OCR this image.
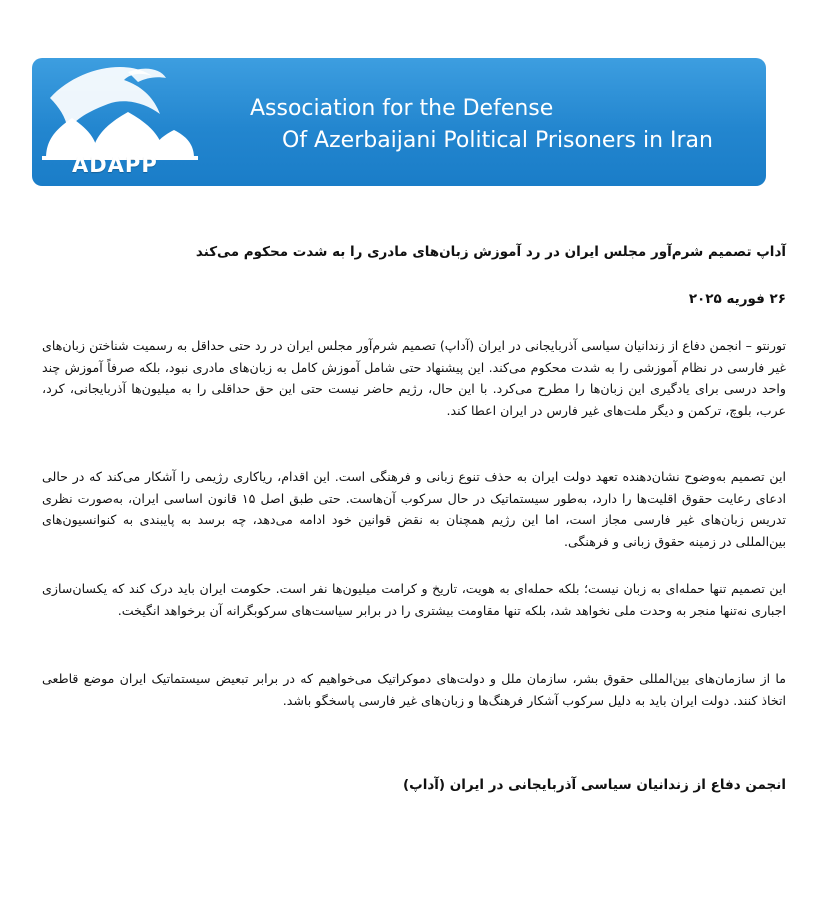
ADAPP
Association for the Defense
Of Azerbaijani Political Prisoners in Iran
آداپ تصمیم شرم‌آور مجلس ایران در رد آموزش زبان‌های مادری را به شدت محکوم می‌کند
۲۶ فوریه ۲۰۲۵
تورنتو – انجمن دفاع از زندانیان سیاسی آذربایجانی در ایران (آداپ) تصمیم شرم‌آور مجلس ایران در رد حتی حداقل به رسمیت شناختن زبان‌های غیر فارسی در نظام آموزشی را به شدت محکوم می‌کند. این پیشنهاد حتی شامل آموزش کامل به زبان‌های مادری نبود، بلکه صرفاً آموزش چند واحد درسی برای یادگیری این زبان‌ها را مطرح می‌کرد. با این حال، رژیم حاضر نیست حتی این حق حداقلی را به میلیون‌ها آذربایجانی، کرد، عرب، بلوچ، ترکمن و دیگر ملت‌های غیر فارس در ایران اعطا کند.
این تصمیم به‌وضوح نشان‌دهنده تعهد دولت ایران به حذف تنوع زبانی و فرهنگی است. این اقدام، ریاکاری رژیمی را آشکار می‌کند که در حالی ادعای رعایت حقوق اقلیت‌ها را دارد، به‌طور سیستماتیک در حال سرکوب آن‌هاست. حتی طبق اصل ۱۵ قانون اساسی ایران، به‌صورت نظری تدریس زبان‌های غیر فارسی مجاز است، اما این رژیم همچنان به نقض قوانین خود ادامه می‌دهد، چه برسد به پایبندی به کنوانسیون‌های بین‌المللی در زمینه حقوق زبانی و فرهنگی.
این تصمیم تنها حمله‌ای به زبان نیست؛ بلکه حمله‌ای به هویت، تاریخ و کرامت میلیون‌ها نفر است. حکومت ایران باید درک کند که یکسان‌سازی اجباری نه‌تنها منجر به وحدت ملی نخواهد شد، بلکه تنها مقاومت بیشتری را در برابر سیاست‌های سرکوبگرانه آن برخواهد انگیخت.
ما از سازمان‌های بین‌المللی حقوق بشر، سازمان ملل و دولت‌های دموکراتیک می‌خواهیم که در برابر تبعیض سیستماتیک ایران موضع قاطعی اتخاذ کنند. دولت ایران باید به دلیل سرکوب آشکار فرهنگ‌ها و زبان‌های غیر فارسی پاسخگو باشد.
انجمن دفاع از زندانیان سیاسی آذربایجانی در ایران (آداپ)
